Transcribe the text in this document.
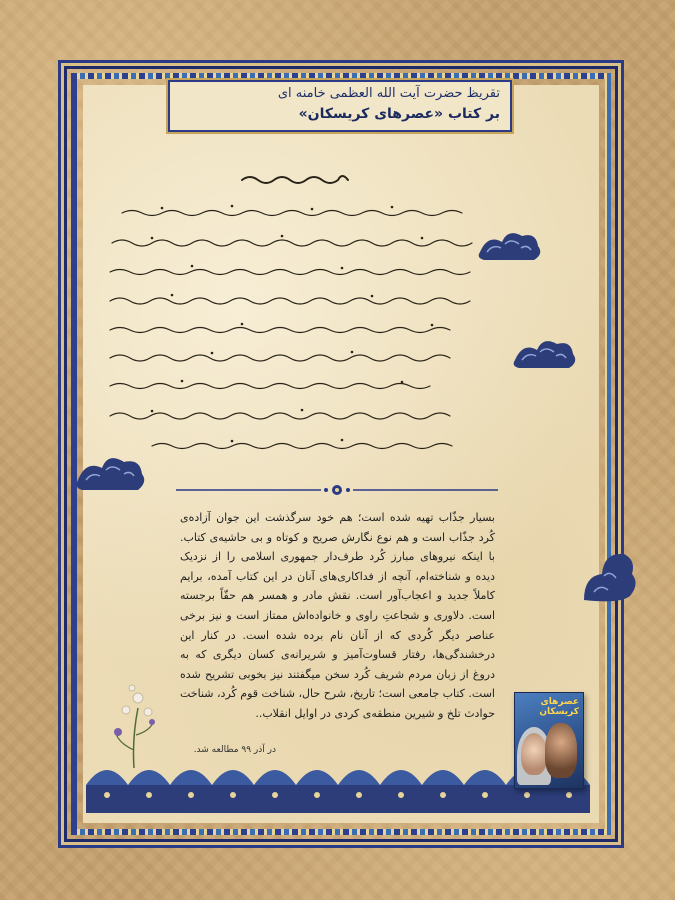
تقریظ حضرت آیت الله العظمی خامنه ای
بر کتاب «عصرهای کریسکان»
بسیار جذّاب تهیه شده است؛ هم خود سرگذشت این جوان آزاده‌ی کُرد جذّاب است و هم نوع نگارش صریح و کوتاه و بی حاشیه‌ی کتاب. با اینکه نیروهای مبارز کُرد طرف‌دار جمهوری اسلامی را از نزدیک دیده و شناخته‌ام، آنچه از فداکاری‌های آنان در این کتاب آمده، برایم کاملاً جدید و اعجاب‌آور است. نقش مادر و همسر هم حقّاً برجسته است. دلاوری و شجاعتِ راوی و خانواده‌اش ممتاز است و نیز برخی عناصر دیگر کُردی که از آنان نام برده شده است. در کنار این درخشندگی‌ها، رفتار قساوت‌آمیز و شریرانه‌ی کسان دیگری که به دروغ از زبان مردم شریف کُرد سخن میگفتند نیز بخوبی تشریح شده است. کتاب جامعی است؛ تاریخ، شرح حال، شناخت قوم کُرد، شناخت حوادث تلخ و شیرین منطقه‌ی کردی در اوایل انقلاب..
در آذر ۹۹ مطالعه شد.
عصرهای کریسکان
